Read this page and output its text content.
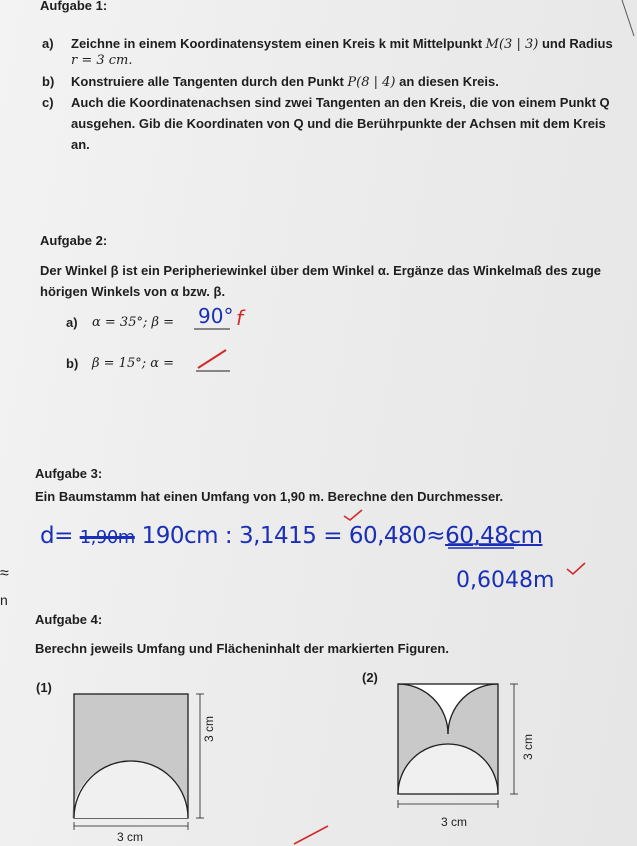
Aufgabe 1:
a) Zeichne in einem Koordinatensystem einen Kreis k mit Mittelpunkt M(3 | 3) und Radius
r = 3 cm.
b) Konstruiere alle Tangenten durch den Punkt P(8 | 4) an diesen Kreis.
c) Auch die Koordinatenachsen sind zwei Tangenten an den Kreis, die von einem Punkt Q
ausgehen. Gib die Koordinaten von Q und die Berührpunkte der Achsen mit dem Kreis
an.
Aufgabe 2:
Der Winkel β ist ein Peripheriewinkel über dem Winkel α. Ergänze das Winkelmaß des zuge
hörigen Winkels von α bzw. β.
a) α = 35°; β = 90° f
b) β = 15°; α =
Aufgabe 3:
Ein Baumstamm hat einen Umfang von 1,90 m. Berechne den Durchmesser.
d= 1,90m 190cm : 3,1415 = 60,480≈60,48cm
0,6048m
≈
n
Aufgabe 4:
Berechn jeweils Umfang und Flächeninhalt der markierten Figuren.
(1)
(2)
3 cm
3 cm
3 cm
3 cm
